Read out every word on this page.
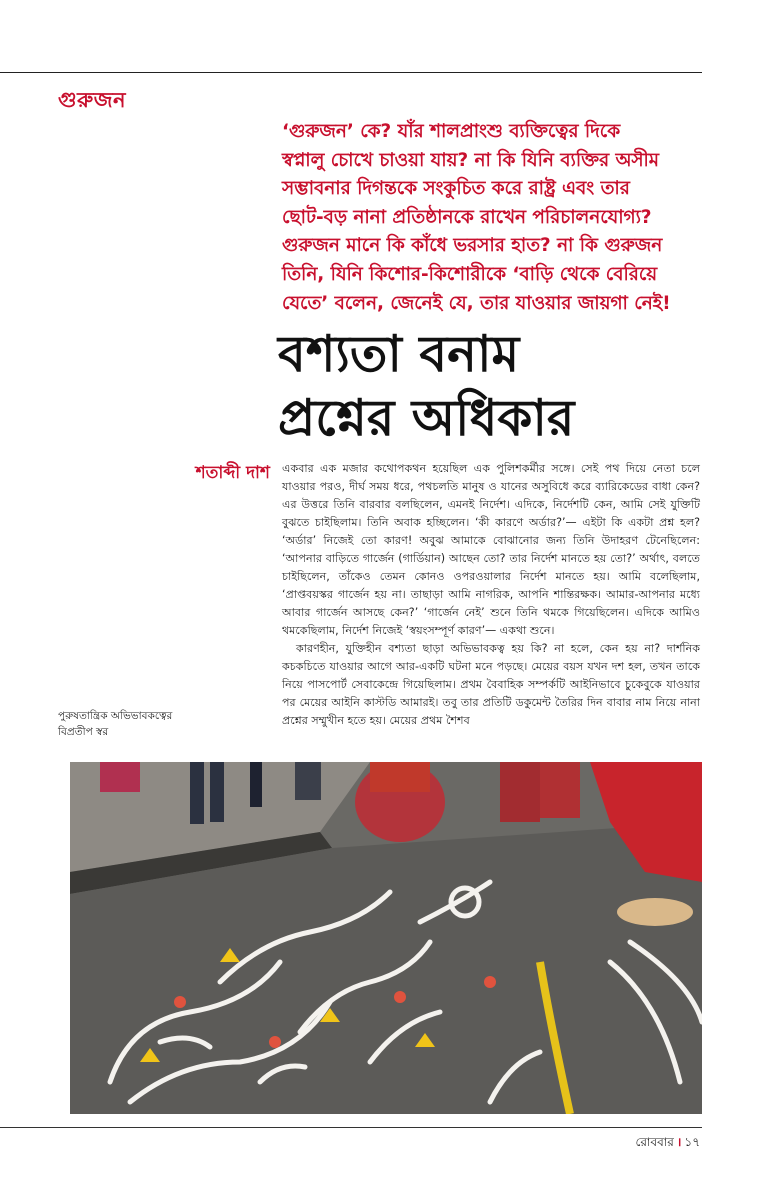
গুরুজন
‘গুরুজন’ কে? যাঁর শালপ্রাংশু ব্যক্তিত্বের দিকে
স্বপ্নালু চোখে চাওয়া যায়? না কি যিনি ব্যক্তির অসীম
সম্ভাবনার দিগন্তকে সংকুচিত করে রাষ্ট্র এবং তার
ছোট-বড় নানা প্রতিষ্ঠানকে রাখেন পরিচালনযোগ্য?
গুরুজন মানে কি কাঁধে ভরসার হাত? না কি গুরুজন
তিনি, যিনি কিশোর-কিশোরীকে ‘বাড়ি থেকে বেরিয়ে
যেতে’ বলেন, জেনেই যে, তার যাওয়ার জায়গা নেই!
বশ্যতা বনাম
প্রশ্নের অধিকার
শতাব্দী দাশ একবার এক মজার কথোপকথন হয়েছিল এক পুলিশকর্মীর সঙ্গে। সেই পথ দিয়ে নেতা চলে যাওয়ার পরও, দীর্ঘ সময় ধরে, পথচলতি মানুষ ও যানের অসুবিধে করে ব্যারিকেডের বাধা কেন? এর উত্তরে তিনি বারবার বলছিলেন, এমনই নির্দেশ। এদিকে, নির্দেশটি কেন, আমি সেই যুক্তিটি বুঝতে চাইছিলাম। তিনি অবাক হচ্ছিলেন। ‘কী কারণে অর্ডার?’— এইটা কি একটা প্রশ্ন হল? ‘অর্ডার’ নিজেই তো কারণ! অবুঝ আমাকে বোঝানোর জন্য তিনি উদাহরণ টেনেছিলেন: ‘আপনার বাড়িতে গার্জেন (গার্ডিয়ান) আছেন তো? তার নির্দেশ মানতে হয় তো?’ অর্থাৎ, বলতে চাইছিলেন, তাঁকেও তেমন কোনও ওপরওয়ালার নির্দেশ মানতে হয়। আমি বলেছিলাম, ‘প্রাপ্তবয়স্কর গার্জেন হয় না। তাছাড়া আমি নাগরিক, আপনি শান্তিরক্ষক। আমার-আপনার মধ্যে আবার গার্জেন আসছে কেন?’ ‘গার্জেন নেই’ শুনে তিনি থমকে গিয়েছিলেন। এদিকে আমিও থমকেছিলাম, নির্দেশ নিজেই ‘স্বয়ংসম্পূর্ণ কারণ’— একথা শুনে।

কারণহীন, যুক্তিহীন বশ্যতা ছাড়া অভিভাবকত্ব হয় কি? না হলে, কেন হয় না? দার্শনিক কচকচিতে যাওয়ার আগে আর-একটি ঘটনা মনে পড়ছে। মেয়ের বয়স যখন দশ হল, তখন তাকে নিয়ে পাসপোর্ট সেবাকেন্দ্রে গিয়েছিলাম। প্রথম বৈবাহিক সম্পর্কটি আইনিভাবে চুকেবুকে যাওয়ার পর মেয়ের আইনি কাস্টডি আমারই। তবু তার প্রতিটি ডকুমেন্ট তৈরির দিন বাবার নাম নিয়ে নানা প্রশ্নের সম্মুখীন হতে হয়। মেয়ের প্রথম শৈশব

পুরুষতান্ত্রিক অভিভাবকত্বের
বিপ্রতীপ স্বর
রোববার । ১৭
